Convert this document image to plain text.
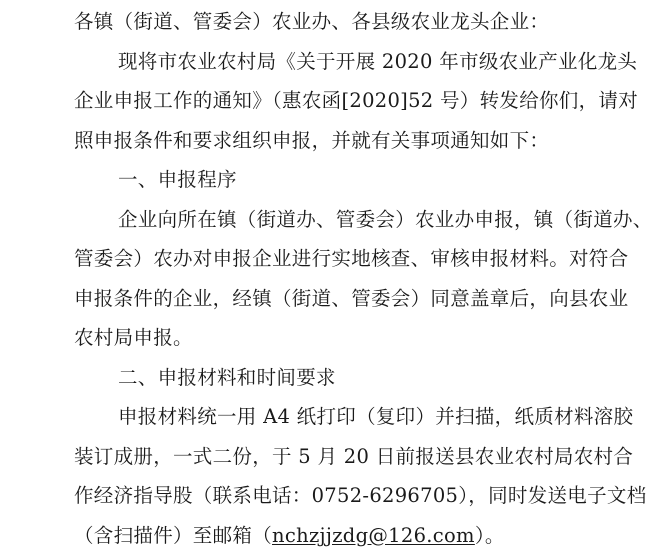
各镇（街道、管委会）农业办、各县级农业龙头企业：
现将市农业农村局《关于开展 2020 年市级农业产业化龙头
企业申报工作的通知》（惠农函[2020]52 号）转发给你们，请对
照申报条件和要求组织申报，并就有关事项通知如下：
一、申报程序
企业向所在镇（街道办、管委会）农业办申报，镇（街道办、
管委会）农办对申报企业进行实地核查、审核申报材料。对符合
申报条件的企业，经镇（街道、管委会）同意盖章后，向县农业
农村局申报。
二、申报材料和时间要求
申报材料统一用 A4 纸打印（复印）并扫描，纸质材料溶胶
装订成册，一式二份，于 5 月 20 日前报送县农业农村局农村合
作经济指导股（联系电话：0752-6296705），同时发送电子文档
（含扫描件）至邮箱（nchzjjzdg@126.com）。
